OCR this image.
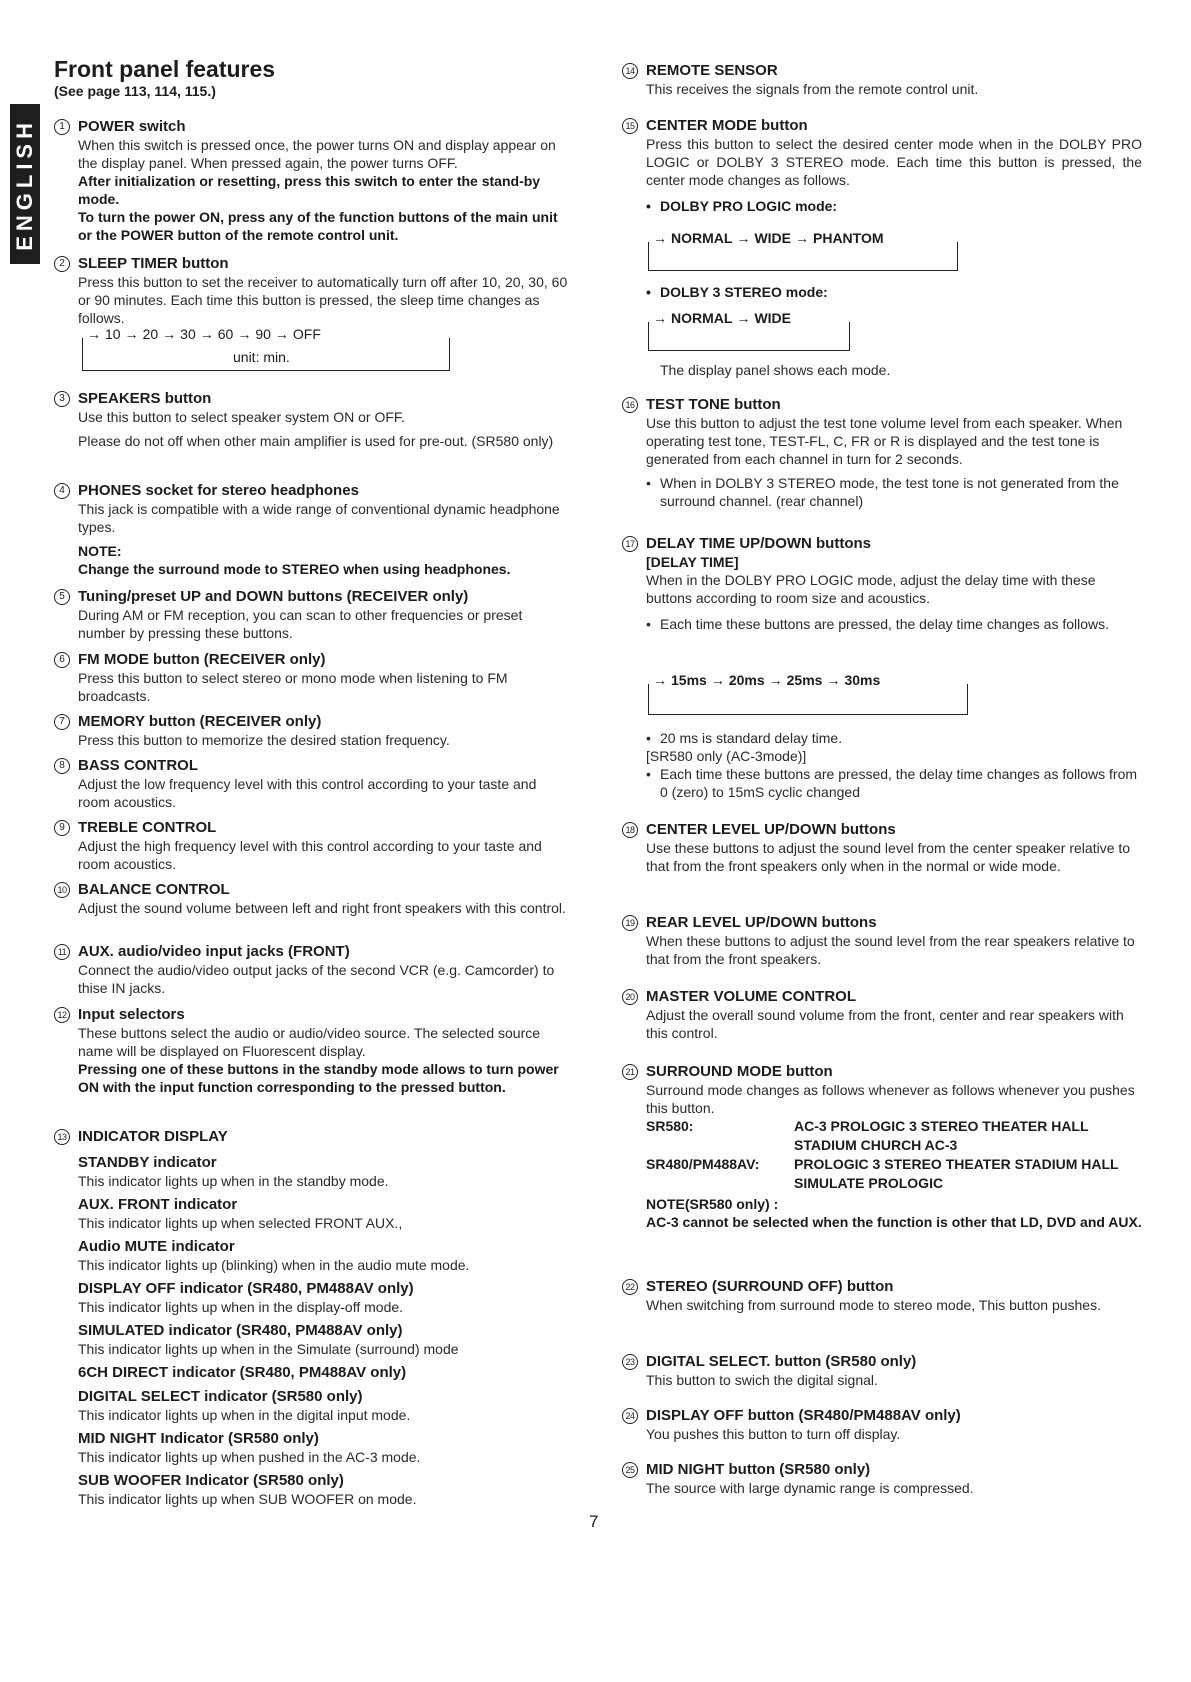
ENGLISH
Front panel features
(See page 113, 114, 115.)
1 POWER switch
When this switch is pressed once, the power turns ON and display appear on the display panel. When pressed again, the power turns OFF.
After initialization or resetting, press this switch to enter the stand-by mode.
To turn the power ON, press any of the function buttons of the main unit or the POWER button of the remote control unit.
2 SLEEP TIMER button
Press this button to set the receiver to automatically turn off after 10, 20, 30, 60 or 90 minutes. Each time this button is pressed, the sleep time changes as follows.
→ 10 → 20 → 30 → 60 → 90 → OFF
unit: min.
3 SPEAKERS button
Use this button to select speaker system ON or OFF.
Please do not off when other main amplifier is used for pre-out. (SR580 only)
4 PHONES socket for stereo headphones
This jack is compatible with a wide range of conventional dynamic headphone types.
NOTE:
Change the surround mode to STEREO when using headphones.
5 Tuning/preset UP and DOWN buttons (RECEIVER only)
During AM or FM reception, you can scan to other frequencies or preset number by pressing these buttons.
6 FM MODE button (RECEIVER only)
Press this button to select stereo or mono mode when listening to FM broadcasts.
7 MEMORY button (RECEIVER only)
Press this button to memorize the desired station frequency.
8 BASS CONTROL
Adjust the low frequency level with this control according to your taste and room acoustics.
9 TREBLE CONTROL
Adjust the high frequency level with this control according to your taste and room acoustics.
10 BALANCE CONTROL
Adjust the sound volume between left and right front speakers with this control.
11 AUX. audio/video input jacks (FRONT)
Connect the audio/video output jacks of the second VCR (e.g. Camcorder) to thise IN jacks.
12 Input selectors
These buttons select the audio or audio/video source. The selected source name will be displayed on Fluorescent display.
Pressing one of these buttons in the standby mode allows to turn power ON with the input function corresponding to the pressed button.
13 INDICATOR DISPLAY
STANDBY indicator
This indicator lights up when in the standby mode.
AUX. FRONT indicator
This indicator lights up when selected FRONT AUX.,
Audio MUTE indicator
This indicator lights up (blinking) when in the audio mute mode.
DISPLAY OFF indicator (SR480, PM488AV only)
This indicator lights up when in the display-off mode.
SIMULATED indicator (SR480, PM488AV only)
This indicator lights up when in the Simulate (surround) mode
6CH DIRECT indicator (SR480, PM488AV only)
DIGITAL SELECT indicator (SR580 only)
This indicator lights up when in the digital input mode.
MID NIGHT Indicator (SR580 only)
This indicator lights up when pushed in the AC-3 mode.
SUB WOOFER Indicator (SR580 only)
This indicator lights up when SUB WOOFER on mode.
14 REMOTE SENSOR
This receives the signals from the remote control unit.
15 CENTER MODE button
Press this button to select the desired center mode when in the DOLBY PRO LOGIC or DOLBY 3 STEREO mode. Each time this button is pressed, the center mode changes as follows.
• DOLBY PRO LOGIC mode:
→ NORMAL → WIDE → PHANTOM
• DOLBY 3 STEREO mode:
→ NORMAL → WIDE
The display panel shows each mode.
16 TEST TONE button
Use this button to adjust the test tone volume level from each speaker. When operating test tone, TEST-FL, C, FR or R is displayed and the test tone is generated from each channel in turn for 2 seconds.
• When in DOLBY 3 STEREO mode, the test tone is not generated from the surround channel. (rear channel)
17 DELAY TIME UP/DOWN buttons
[DELAY TIME]
When in the DOLBY PRO LOGIC mode, adjust the delay time with these buttons according to room size and acoustics.
• Each time these buttons are pressed, the delay time changes as follows.
→ 15ms → 20ms → 25ms → 30ms
• 20 ms is standard delay time.
[SR580 only (AC-3mode)]
• Each time these buttons are pressed, the delay time changes as follows from 0 (zero) to 15mS cyclic changed
18 CENTER LEVEL UP/DOWN buttons
Use these buttons to adjust the sound level from the center speaker relative to that from the front speakers only when in the normal or wide mode.
19 REAR LEVEL UP/DOWN buttons
When these buttons to adjust the sound level from the rear speakers relative to that from the front speakers.
20 MASTER VOLUME CONTROL
Adjust the overall sound volume from the front, center and rear speakers with this control.
21 SURROUND MODE button
Surround mode changes as follows whenever as follows whenever you pushes this button.
SR580:	AC-3 PROLOGIC 3 STEREO THEATER HALL STADIUM CHURCH AC-3
SR480/PM488AV:	PROLOGIC 3 STEREO THEATER STADIUM HALL SIMULATE PROLOGIC
NOTE(SR580 only) :
AC-3 cannot be selected when the function is other that LD, DVD and AUX.
22 STEREO (SURROUND OFF) button
When switching from surround mode to stereo mode, This button pushes.
23 DIGITAL SELECT. button (SR580 only)
This button to swich the digital signal.
24 DISPLAY OFF button (SR480/PM488AV only)
You pushes this button to turn off display.
25 MID NIGHT button (SR580 only)
The source with large dynamic range is compressed.
7
